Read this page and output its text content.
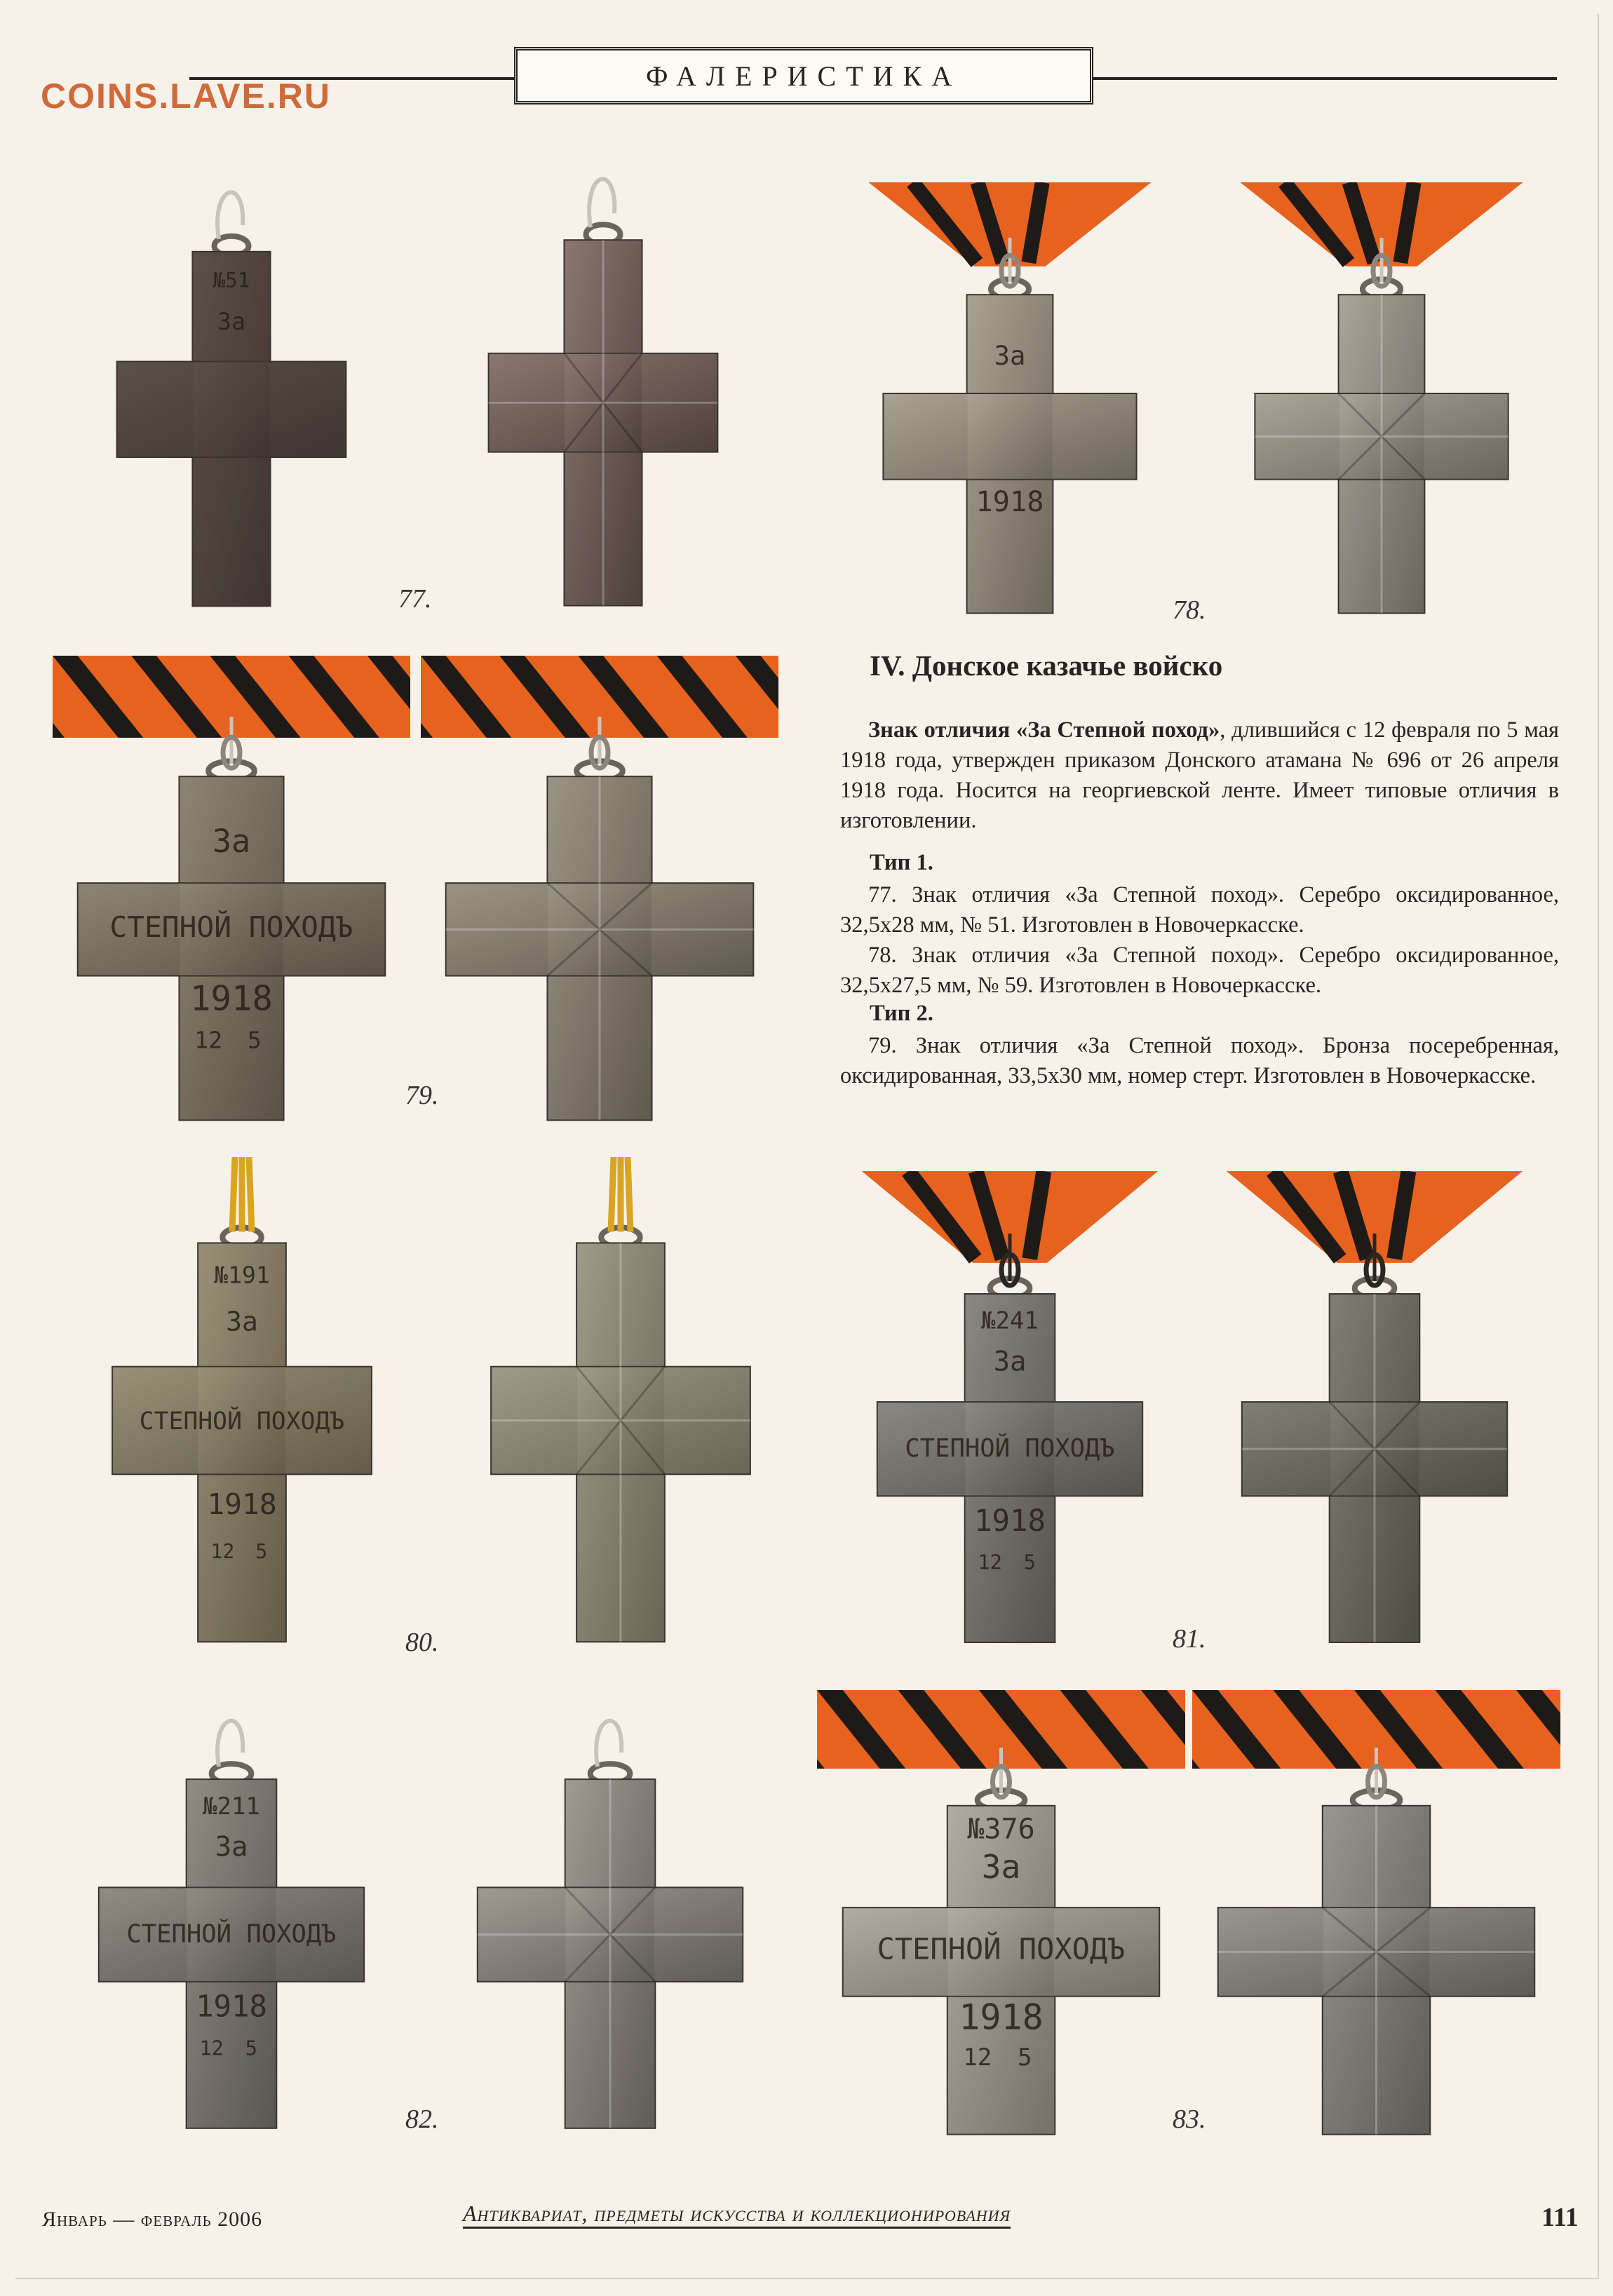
COINS.LAVE.RU
ФАЛЕРИСТИКА
№51
За
За
1918
За
СТЕПНОЙ ПОХОДЪ
1918
12 5
№191
За
СТЕПНОЙ ПОХОДЪ
1918
12 5
№241
За
СТЕПНОЙ ПОХОДЪ
1918
12 5
№211
За
СТЕПНОЙ ПОХОДЪ
1918
12 5
№376
За
СТЕПНОЙ ПОХОДЪ
1918
12 5
77.	78.
79.
80.	81.
82.	83.
IV. Донское казачье войско
Знак отличия «За Степной поход», длившийся с 12 февраля по 5 мая 1918 года, утвержден приказом Донского атамана № 696 от 26 апреля 1918 года. Носится на георгиевской ленте. Имеет типовые отличия в изготовлении.
Тип 1.
77. Знак отличия «За Степной поход». Серебро оксидированное, 32,5х28 мм, № 51. Изготовлен в Новочеркасске.
78. Знак отличия «За Степной поход». Серебро оксидированное, 32,5х27,5 мм, № 59. Изготовлен в Новочеркасске.
Тип 2.
79. Знак отличия «За Степной поход». Бронза посеребренная, оксидированная, 33,5х30 мм, номер стерт. Изготовлен в Новочеркасске.
Январь — февраль 2006	Антиквариат, предметы искусства и коллекционирования	111
